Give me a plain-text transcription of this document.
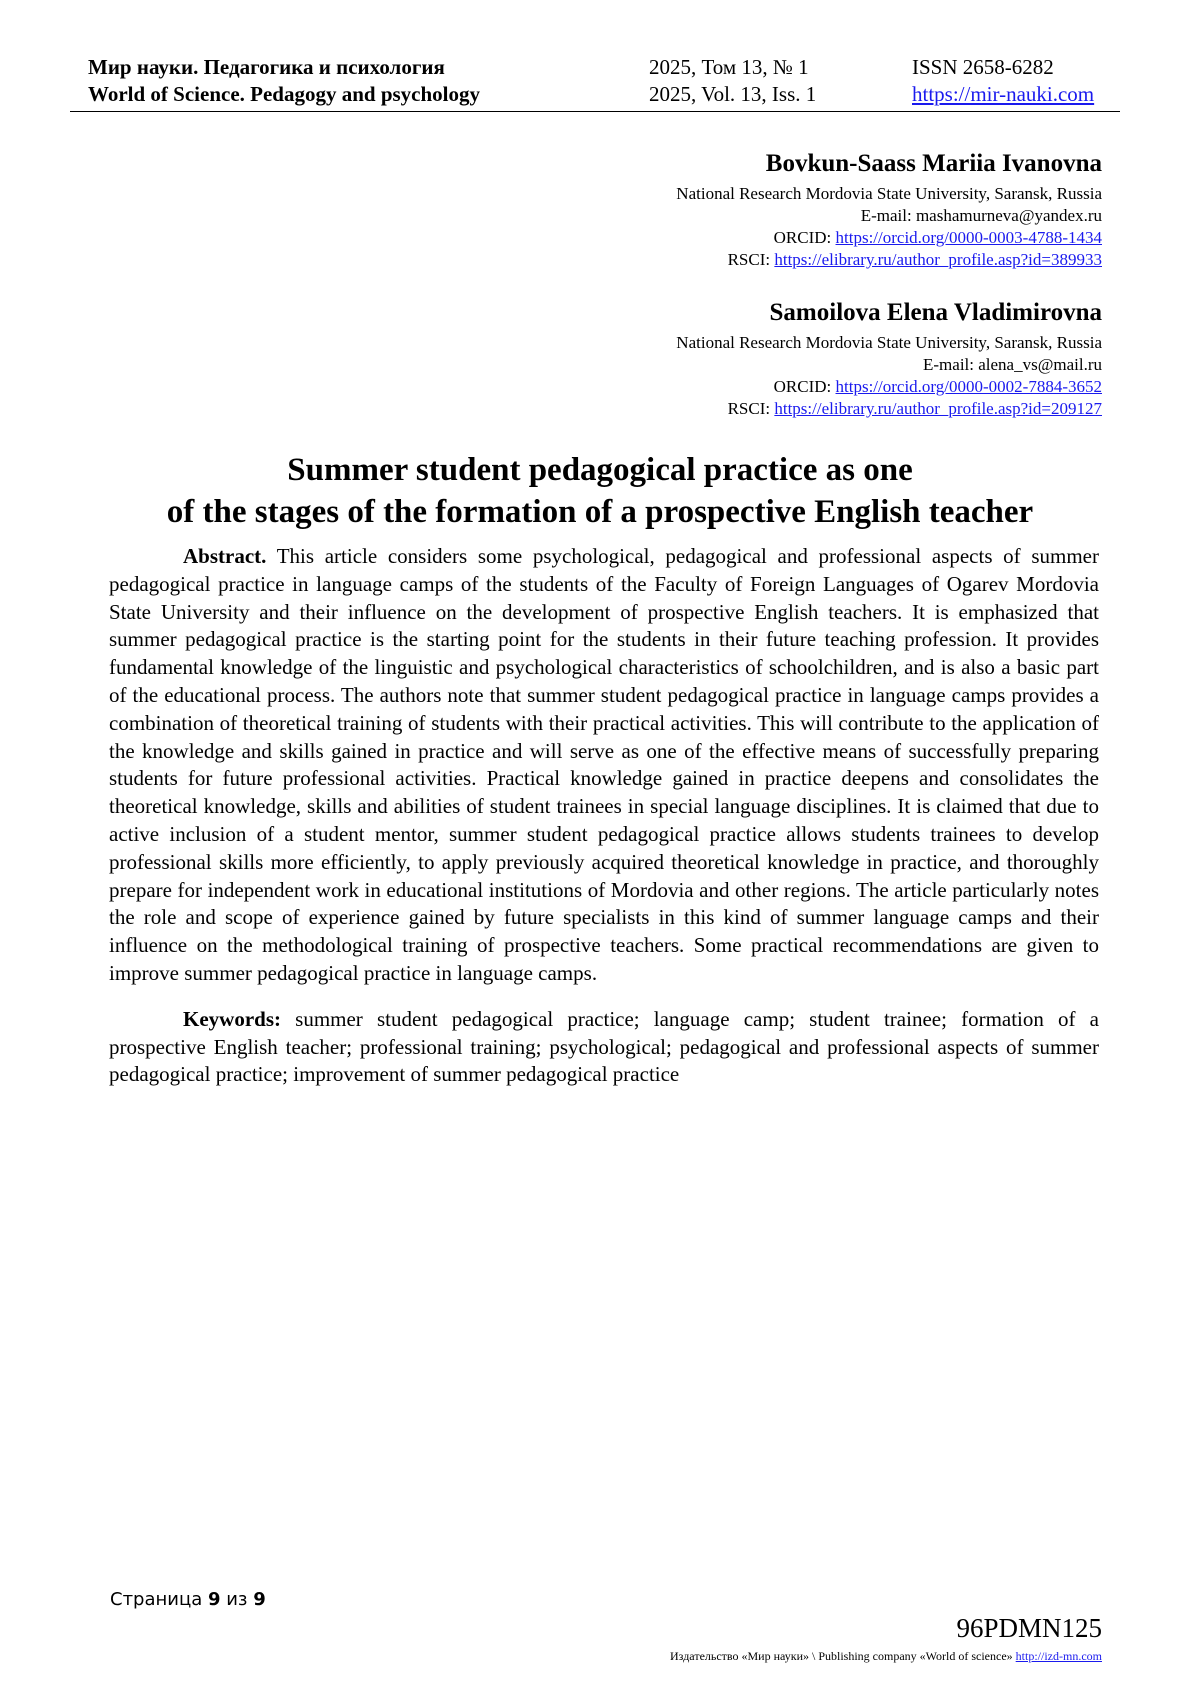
Мир науки. Педагогика и психология
World of Science. Pedagogy and psychology
2025, Том 13, № 1
2025, Vol. 13, Iss. 1
ISSN 2658-6282
https://mir-nauki.com
Bovkun-Saass Mariia Ivanovna
National Research Mordovia State University, Saransk, Russia
E-mail: mashamurneva@yandex.ru
ORCID: https://orcid.org/0000-0003-4788-1434
RSCI: https://elibrary.ru/author_profile.asp?id=389933
Samoilova Elena Vladimirovna
National Research Mordovia State University, Saransk, Russia
E-mail: alena_vs@mail.ru
ORCID: https://orcid.org/0000-0002-7884-3652
RSCI: https://elibrary.ru/author_profile.asp?id=209127
Summer student pedagogical practice as one
of the stages of the formation of a prospective English teacher

Abstract. This article considers some psychological, pedagogical and professional aspects of summer pedagogical practice in language camps of the students of the Faculty of Foreign Languages of Ogarev Mordovia State University and their influence on the development of prospective English teachers. It is emphasized that summer pedagogical practice is the starting point for the students in their future teaching profession. It provides fundamental knowledge of the linguistic and psychological characteristics of schoolchildren, and is also a basic part of the educational process. The authors note that summer student pedagogical practice in language camps provides a combination of theoretical training of students with their practical activities. This will contribute to the application of the knowledge and skills gained in practice and will serve as one of the effective means of successfully preparing students for future professional activities. Practical knowledge gained in practice deepens and consolidates the theoretical knowledge, skills and abilities of student trainees in special language disciplines. It is claimed that due to active inclusion of a student mentor, summer student pedagogical practice allows students trainees to develop professional skills more efficiently, to apply previously acquired theoretical knowledge in practice, and thoroughly prepare for independent work in educational institutions of Mordovia and other regions. The article particularly notes the role and scope of experience gained by future specialists in this kind of summer language camps and their influence on the methodological training of prospective teachers. Some practical recommendations are given to improve summer pedagogical practice in language camps.

Keywords: summer student pedagogical practice; language camp; student trainee; formation of a prospective English teacher; professional training; psychological; pedagogical and professional aspects of summer pedagogical practice; improvement of summer pedagogical practice

Страница 9 из 9
96PDMN125
Издательство «Мир науки» \ Publishing company «World of science» http://izd-mn.com
